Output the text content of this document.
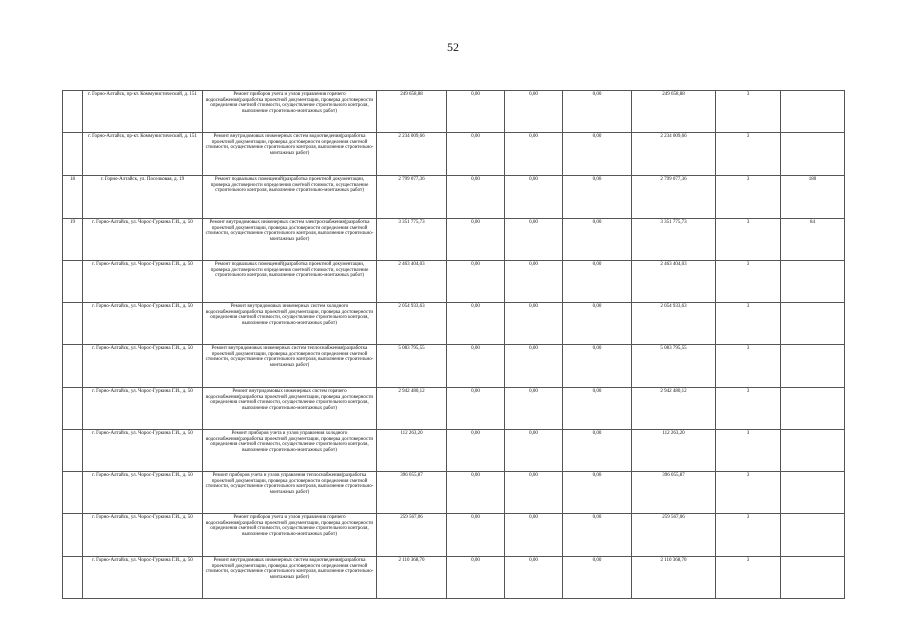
52
	г. Горно-Алтайск, пр-кт. Коммунистический, д. 151	Ремонт приборов учета и узлов управления горячего водоснабжения(разработка проектной документации, проверка достоверности определения сметной стоимости, осуществление строительного контроля, выполнение строительно-монтажных работ)	249 658,88	0,00	0,00	0,00	249 658,88	3	
	г. Горно-Алтайск, пр-кт. Коммунистический, д. 151	Ремонт внутридомовых инженерных систем водоотведения(разработка проектной документации, проверка достоверности определения сметной стоимости, осуществление строительного контроля, выполнение строительно-монтажных работ)	2 234 009,66	0,00	0,00	0,00	2 234 009,66	3	
18	г. Горно-Алтайск, ул. Поселковая, д. 19	Ремонт подвальных помещений(разработка проектной документации, проверка достоверности определения сметной стоимости, осуществление строительного контроля, выполнение строительно-монтажных работ)	2 799 077,36	0,00	0,00	0,00	2 799 077,36	3	180
19	г. Горно-Алтайск, ул. Чорос-Гуркина Г.И., д. 50	Ремонт внутридомовых инженерных систем электроснабжения(разработка проектной документации, проверка достоверности определения сметной стоимости, осуществление строительного контроля, выполнение строительно-монтажных работ)	3 351 775,73	0,00	0,00	0,00	3 351 775,73	3	84
	г. Горно-Алтайск, ул. Чорос-Гуркина Г.И., д. 50	Ремонт подвальных помещений(разработка проектной документации, проверка достоверности определения сметной стоимости, осуществление строительного контроля, выполнение строительно-монтажных работ)	2 463 404,03	0,00	0,00	0,00	2 463 404,03	3	
	г. Горно-Алтайск, ул. Чорос-Гуркина Г.И., д. 50	Ремонт внутридомовых инженерных систем холодного водоснабжения(разработка проектной документации, проверка достоверности определения сметной стоимости, осуществление строительного контроля, выполнение строительно-монтажных работ)	2 054 933,63	0,00	0,00	0,00	2 054 933,63	3	
	г. Горно-Алтайск, ул. Чорос-Гуркина Г.И., д. 50	Ремонт внутридомовых инженерных систем теплоснабжения(разработка проектной документации, проверка достоверности определения сметной стоимости, осуществление строительного контроля, выполнение строительно-монтажных работ)	5 083 795,55	0,00	0,00	0,00	5 083 795,55	3	
	г. Горно-Алтайск, ул. Чорос-Гуркина Г.И., д. 50	Ремонт внутридомовых инженерных систем горячего водоснабжения(разработка проектной документации, проверка достоверности определения сметной стоимости, осуществление строительного контроля, выполнение строительно-монтажных работ)	2 942 480,12	0,00	0,00	0,00	2 942 480,12	3	
	г. Горно-Алтайск, ул. Чорос-Гуркина Г.И., д. 50	Ремонт приборов учета и узлов управления холодного водоснабжения(разработка проектной документации, проверка достоверности определения сметной стоимости, осуществление строительного контроля, выполнение строительно-монтажных работ)	112 263,20	0,00	0,00	0,00	112 263,20	3	
	г. Горно-Алтайск, ул. Чорос-Гуркина Г.И., д. 50	Ремонт приборов учета и узлов управления теплоснабжения(разработка проектной документации, проверка достоверности определения сметной стоимости, осуществление строительного контроля, выполнение строительно-монтажных работ)	396 055,87	0,00	0,00	0,00	396 055,87	3	
	г. Горно-Алтайск, ул. Чорос-Гуркина Г.И., д. 50	Ремонт приборов учета и узлов управления горячего водоснабжения(разработка проектной документации, проверка достоверности определения сметной стоимости, осуществление строительного контроля, выполнение строительно-монтажных работ)	259 567,06	0,00	0,00	0,00	259 567,06	3	
	г. Горно-Алтайск, ул. Чорос-Гуркина Г.И., д. 50	Ремонт внутридомовых инженерных систем водоотведения(разработка проектной документации, проверка достоверности определения сметной стоимости, осуществление строительного контроля, выполнение строительно-монтажных работ)	2 110 368,70	0,00	0,00	0,00	2 110 368,70	3	
